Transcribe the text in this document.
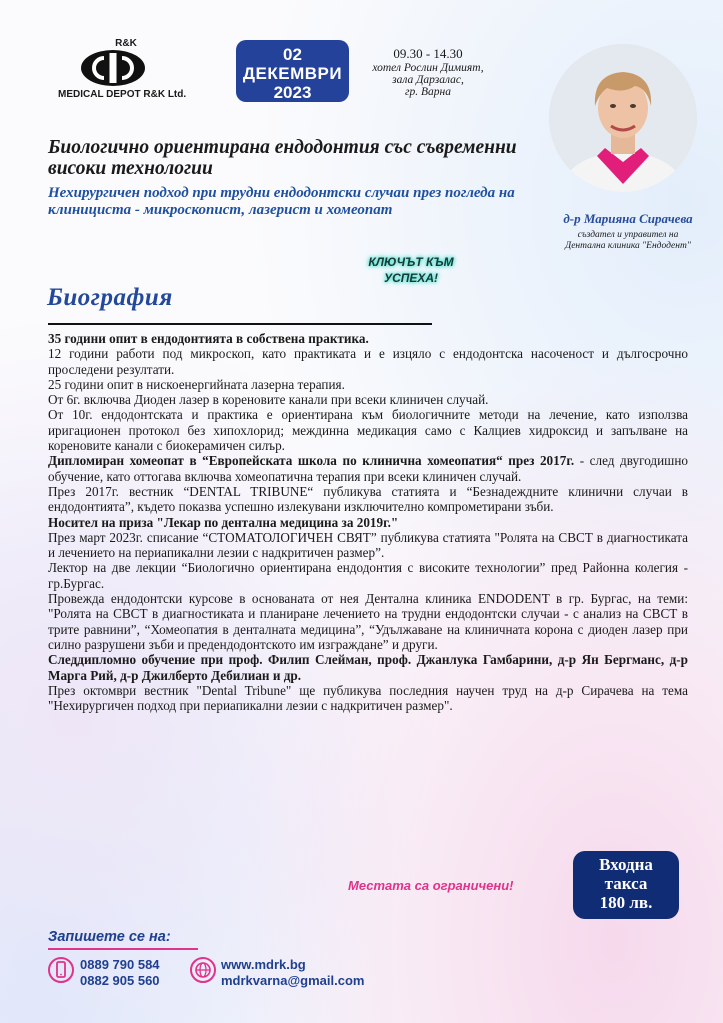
R&K
MEDICAL DEPOT R&K Ltd.
02
ДЕКЕМВРИ
2023
09.30 - 14.30
хотел Рослин Димият,
зала Дарзалас,
гр. Варна
д-р Марияна Сирачева
създател и управител на
Дентална клиника "Ендодент"
Биологично ориентирана ендодонтия със съвременни високи технологии
Нехирургичен подход при трудни ендодонтски случаи през погледа на клинициста - микроскопист, лазерист и хомеопат
КЛЮЧЪТ КЪМ
УСПЕХА!
Биография

35 години опит в ендодонтията в собствена практика.

12 години работи под микроскоп, като практиката и е изцяло с ендодонтска насоченост и дългосрочно проследени резултати.

25 години опит в нискоенергийната лазерна терапия.

От 6г. включва Диоден лазер в кореновите канали при всеки клиничен случай.

От 10г. ендодонтската и практика е ориентирана към биологичните методи на лечение, като използва иригационен протокол без хипохлорид; междинна медикация само с Калциев хидроксид и запълване на кореновите канали с биокерамичен силър.

Дипломиран хомеопат в “Европейската школа по клинична хомеопатия“ през 2017г. - след двугодишно обучение, като оттогава включва хомеопатична терапия при всеки клиничен случай.

През 2017г. вестник “DENTAL TRIBUNE“ публикува статията и “Безнадеждните клинични случаи в ендодонтията”, където показва успешно излекувани изключително компрометирани зъби.

Носител на приза "Лекар по дентална медицина за 2019г."

През март 2023г. списание “СТОМАТОЛОГИЧЕН СВЯТ” публикува статията "Ролята на СВСТ в диагностиката и лечението на периапикални лезии с надкритичен размер”.

Лектор на две лекции “Биологично ориентирана ендодонтия с високите технологии” пред Районна колегия - гр.Бургас.

Провежда ендодонтски курсове в основаната от нея Дентална клиника ENDODENT в гр. Бургас, на теми: "Ролята на СВСТ в диагностиката и планиране лечението на трудни ендодонтски случаи - с анализ на СВСТ в трите равнини”, “Хомеопатия в денталната медицина”, “Удължаване на клиничната корона с диоден лазер при силно разрушени зъби и предендодонтското им изграждане” и други.

Следдипломно обучение при проф. Филип Слейман, проф. Джанлука Гамбарини, д-р Ян Бергманс, д-р Марга Рий, д-р Джилберто Дебилиан и др.

През октомври вестник "Dental Tribune" ще публикува последния научен труд на д-р Сирачева на тема "Нехирургичен подход при периапикални лезии с надкритичен размер".

Местата са ограничени!
Входна
такса
180 лв.
Запишете се на:
0889 790 584
0882 905 560
www.mdrk.bg
mdrkvarna@gmail.com
